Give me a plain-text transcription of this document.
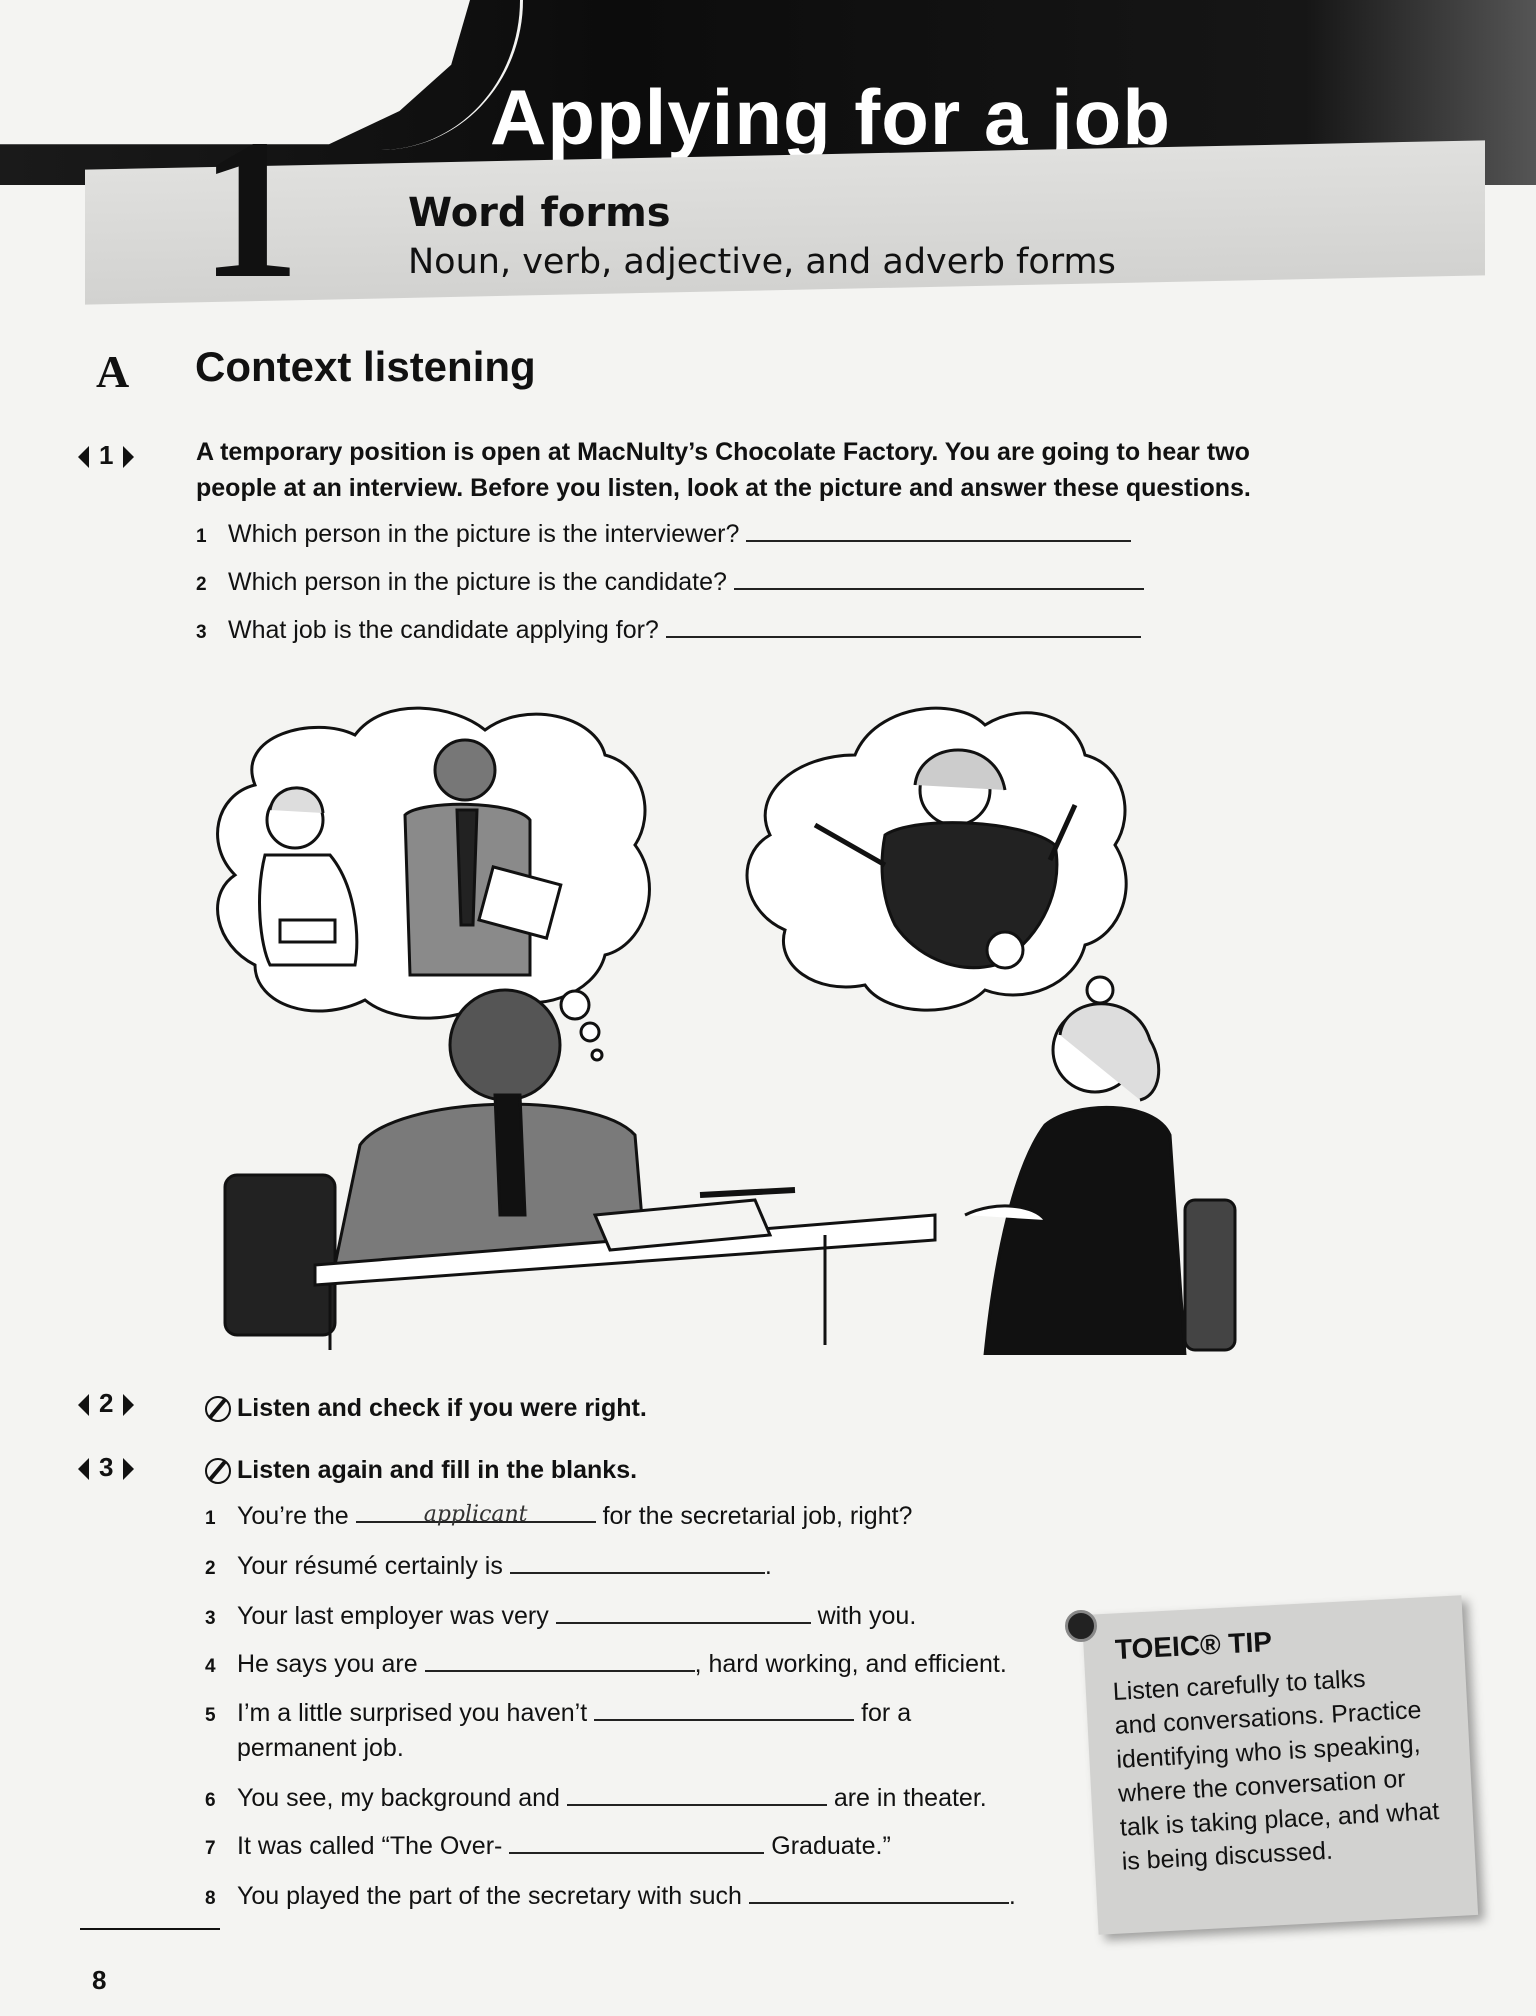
Applying for a job
1	Word forms
Noun, verb, adjective, and adverb forms
A Context listening
1	A temporary position is open at MacNulty’s Chocolate Factory. You are going to hear two
people at an interview. Before you listen, look at the picture and answer these questions.
1 Which person in the picture is the interviewer?
2 Which person in the picture is the candidate?
3 What job is the candidate applying for?
2	Listen and check if you were right.
3	Listen again and fill in the blanks.
1 You’re the	applicant	for the secretarial job, right?
2 Your résumé certainly is	.
3 Your last employer was very	with you.
4 He says you are	, hard working, and efficient.
5 I’m a little surprised you haven’t	for a
permanent job.
6 You see, my background and	are in theater.
7 It was called “The Over-	Graduate.”
8 You played the part of the secretary with such	.
TOEIC® TIP
Listen carefully to talks
and conversations. Practice
identifying who is speaking,
where the conversation or
talk is taking place, and what
is being discussed.
8
